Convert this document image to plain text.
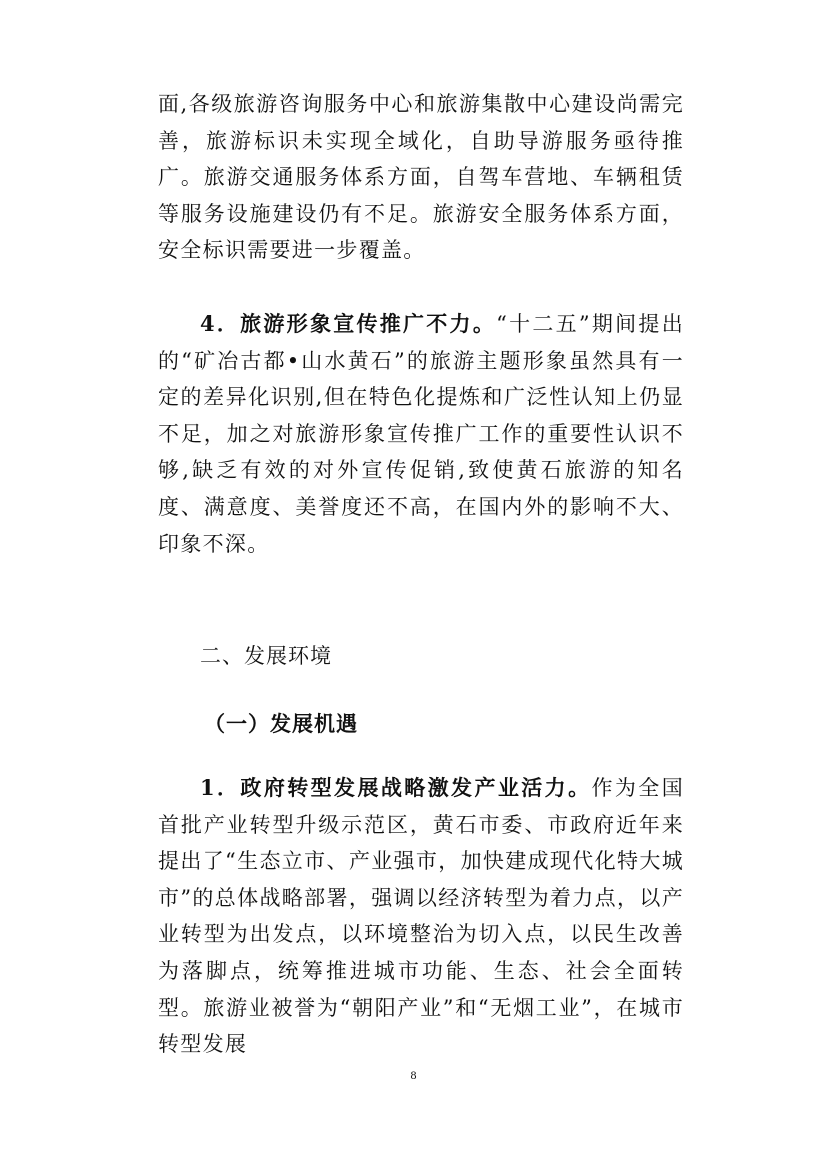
面,各级旅游咨询服务中心和旅游集散中心建设尚需完善，旅游标识未实现全域化，自助导游服务亟待推广。旅游交通服务体系方面，自驾车营地、车辆租赁等服务设施建设仍有不足。旅游安全服务体系方面，安全标识需要进一步覆盖。

4．旅游形象宣传推广不力。“十二五”期间提出的“矿冶古都•山水黄石”的旅游主题形象虽然具有一定的差异化识别,但在特色化提炼和广泛性认知上仍显不足，加之对旅游形象宣传推广工作的重要性认识不够,缺乏有效的对外宣传促销,致使黄石旅游的知名度、满意度、美誉度还不高，在国内外的影响不大、印象不深。

二、发展环境
（一）发展机遇

1．政府转型发展战略激发产业活力。作为全国首批产业转型升级示范区，黄石市委、市政府近年来提出了“生态立市、产业强市，加快建成现代化特大城市”的总体战略部署，强调以经济转型为着力点，以产业转型为出发点，以环境整治为切入点，以民生改善为落脚点，统筹推进城市功能、生态、社会全面转型。旅游业被誉为“朝阳产业”和“无烟工业”，在城市转型发展

8
